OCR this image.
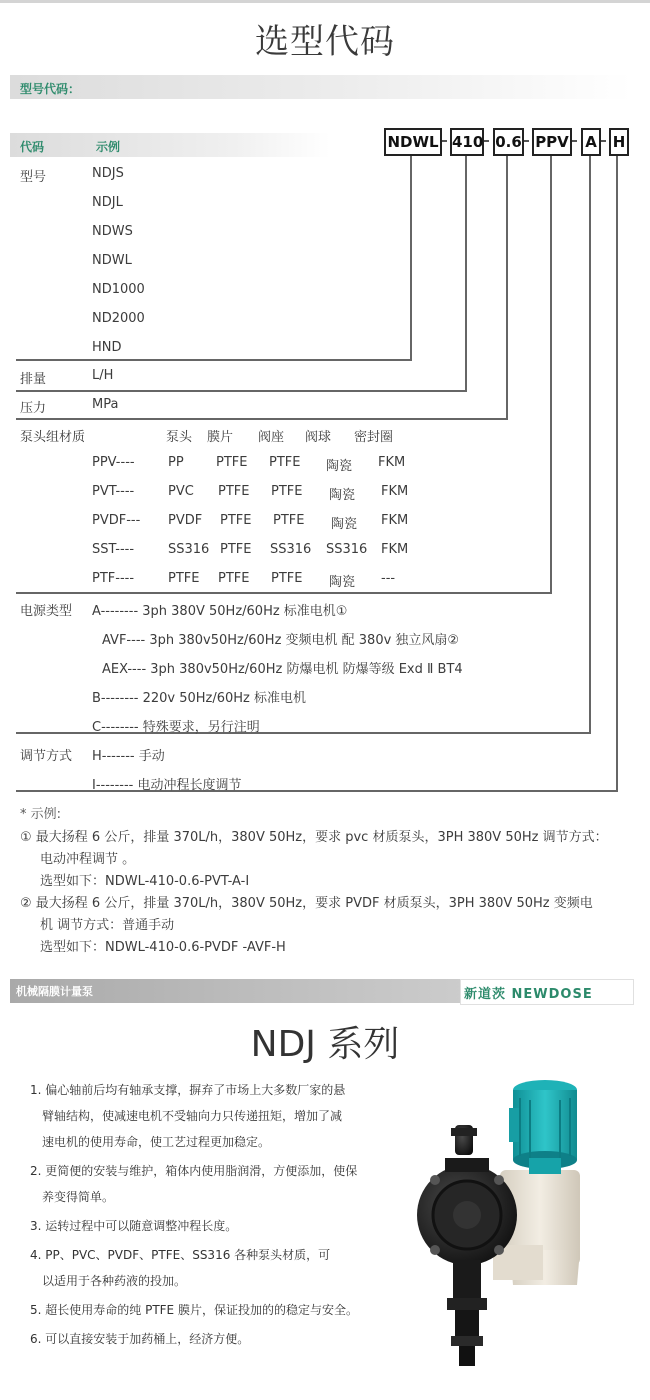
选型代码
型号代码：
代码	示例	NDWL 410 0.6 PPV A H
型号	NDJS
NDJL
NDWS
NDWL
ND1000
ND2000
HND
排量	L/H
压力	MPa
泵头组材质	泵头 膜片 阀座 阀球 密封圈
PPV----	PP PTFE PTFE 陶瓷 FKM
PVT----	PVC PTFE PTFE 陶瓷 FKM
PVDF--- PVDF PTFE PTFE 陶瓷 FKM
SST----	SS316 PTFE SS316 SS316 FKM
PTF----	PTFE PTFE PTFE 陶瓷 ---
电源类型 A-------- 3ph 380V 50Hz/60Hz 标准电机①
AVF---- 3ph 380v50Hz/60Hz 变频电机 配 380v 独立风扇②
AEX---- 3ph 380v50Hz/60Hz 防爆电机 防爆等级 Exd Ⅱ BT4
B-------- 220v 50Hz/60Hz 标准电机
C-------- 特殊要求，另行注明
调节方式 H------- 手动
I-------- 电动冲程长度调节
* 示例:
① 最大扬程 6 公斤，排量 370L/h，380V 50Hz，要求 pvc 材质泵头，3PH 380V 50Hz 调节方式：
电动冲程调节 。
选型如下：NDWL-410-0.6-PVT-A-I
② 最大扬程 6 公斤，排量 370L/h，380V 50Hz，要求 PVDF 材质泵头，3PH 380V 50Hz 变频电
机 调节方式：普通手动
选型如下：NDWL-410-0.6-PVDF -AVF-H
机械隔膜计量泵	新道茨 NEWDOSE
NDJ 系列
1. 偏心轴前后均有轴承支撑，摒弃了市场上大多数厂家的悬
臂轴结构，使减速电机不受轴向力只传递扭矩，增加了减
速电机的使用寿命，使工艺过程更加稳定。
2. 更简便的安装与维护，箱体内使用脂润滑，方便添加，使保
养变得简单。
3. 运转过程中可以随意调整冲程长度。
4. PP、PVC、PVDF、PTFE、SS316 各种泵头材质，可
以适用于各种药液的投加。
5. 超长使用寿命的纯 PTFE 膜片，保证投加的的稳定与安全。
6. 可以直接安装于加药桶上，经济方便。
